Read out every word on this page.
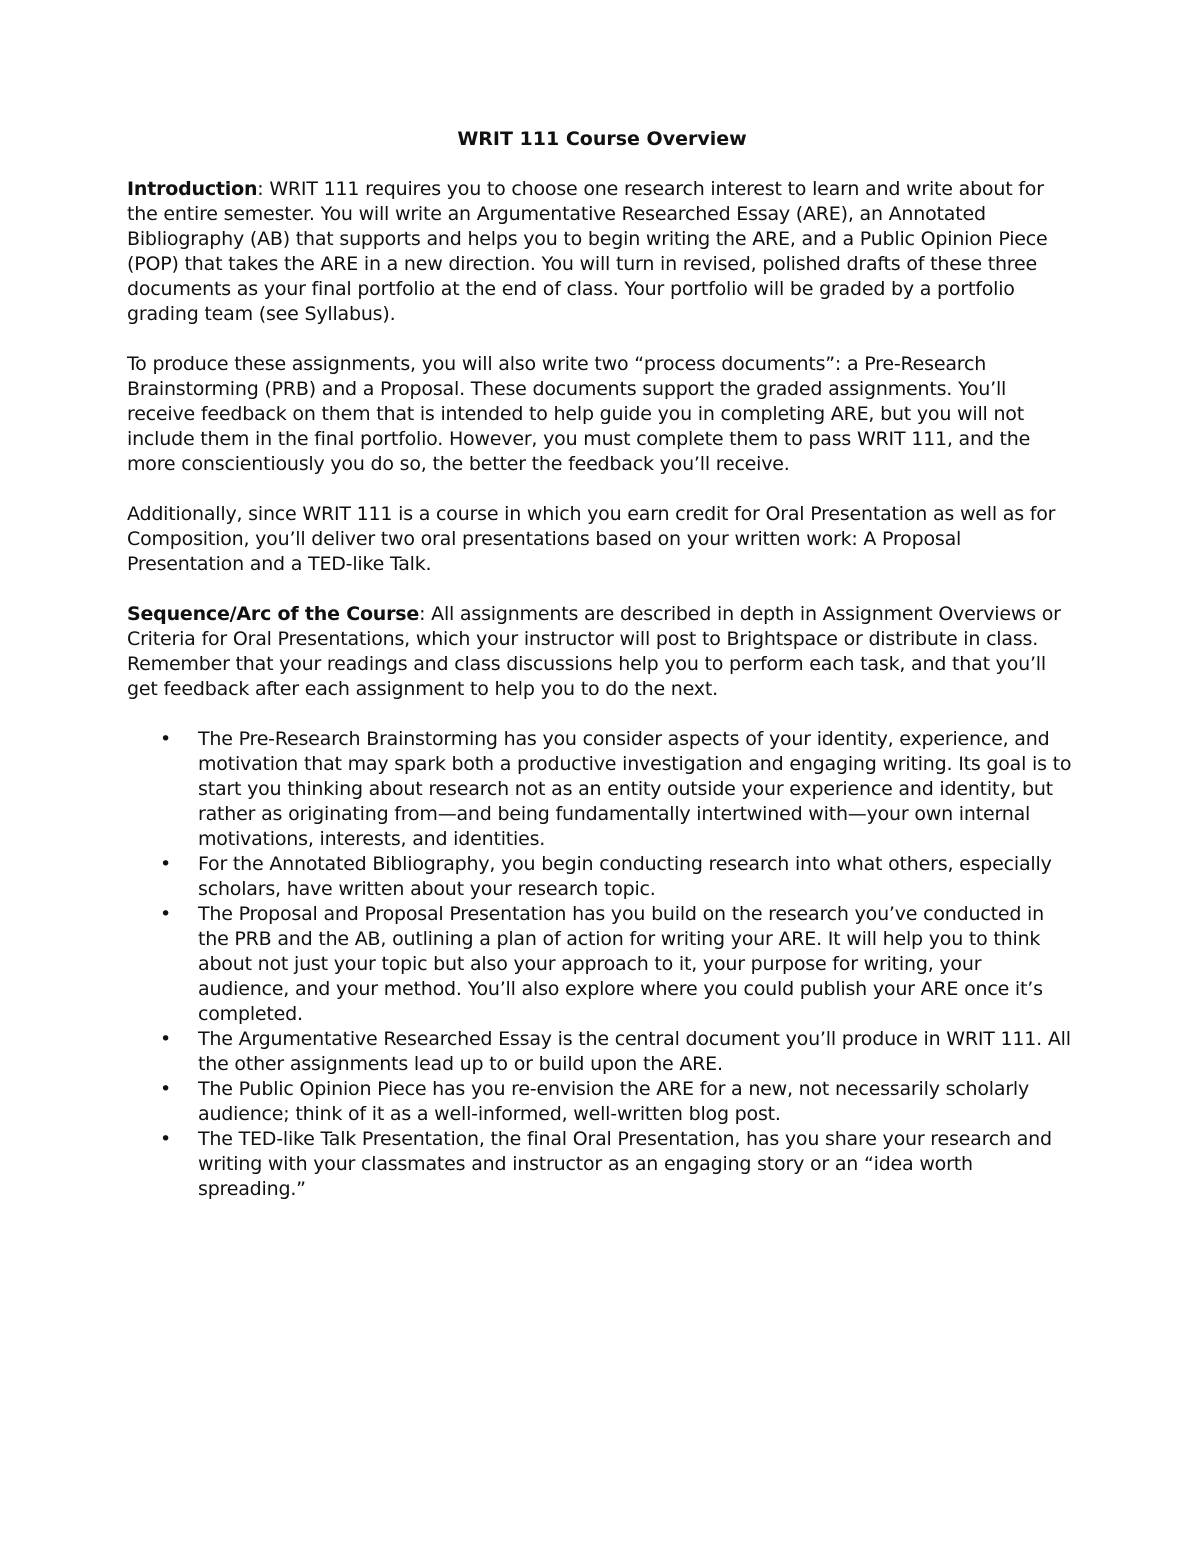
WRIT 111 Course Overview

Introduction: WRIT 111 requires you to choose one research interest to learn and write about for the entire semester. You will write an Argumentative Researched Essay (ARE), an Annotated Bibliography (AB) that supports and helps you to begin writing the ARE, and a Public Opinion Piece (POP) that takes the ARE in a new direction. You will turn in revised, polished drafts of these three documents as your final portfolio at the end of class. Your portfolio will be graded by a portfolio grading team (see Syllabus).

To produce these assignments, you will also write two “process documents”: a Pre-Research Brainstorming (PRB) and a Proposal. These documents support the graded assignments. You’ll receive feedback on them that is intended to help guide you in completing ARE, but you will not include them in the final portfolio. However, you must complete them to pass WRIT 111, and the more conscientiously you do so, the better the feedback you’ll receive.

Additionally, since WRIT 111 is a course in which you earn credit for Oral Presentation as well as for Composition, you’ll deliver two oral presentations based on your written work: A Proposal Presentation and a TED-like Talk.

Sequence/Arc of the Course: All assignments are described in depth in Assignment Overviews or Criteria for Oral Presentations, which your instructor will post to Brightspace or distribute in class. Remember that your readings and class discussions help you to perform each task, and that you’ll get feedback after each assignment to help you to do the next.

•	The Pre-Research Brainstorming has you consider aspects of your identity, experience, and motivation that may spark both a productive investigation and engaging writing. Its goal is to start you thinking about research not as an entity outside your experience and identity, but rather as originating from—and being fundamentally intertwined with—your own internal motivations, interests, and identities.
•	For the Annotated Bibliography, you begin conducting research into what others, especially scholars, have written about your research topic.
•	The Proposal and Proposal Presentation has you build on the research you’ve conducted in the PRB and the AB, outlining a plan of action for writing your ARE. It will help you to think about not just your topic but also your approach to it, your purpose for writing, your audience, and your method. You’ll also explore where you could publish your ARE once it’s completed.
•	The Argumentative Researched Essay is the central document you’ll produce in WRIT 111. All the other assignments lead up to or build upon the ARE.
•	The Public Opinion Piece has you re-envision the ARE for a new, not necessarily scholarly audience; think of it as a well-informed, well-written blog post.
•	The TED-like Talk Presentation, the final Oral Presentation, has you share your research and writing with your classmates and instructor as an engaging story or an “idea worth spreading.”
